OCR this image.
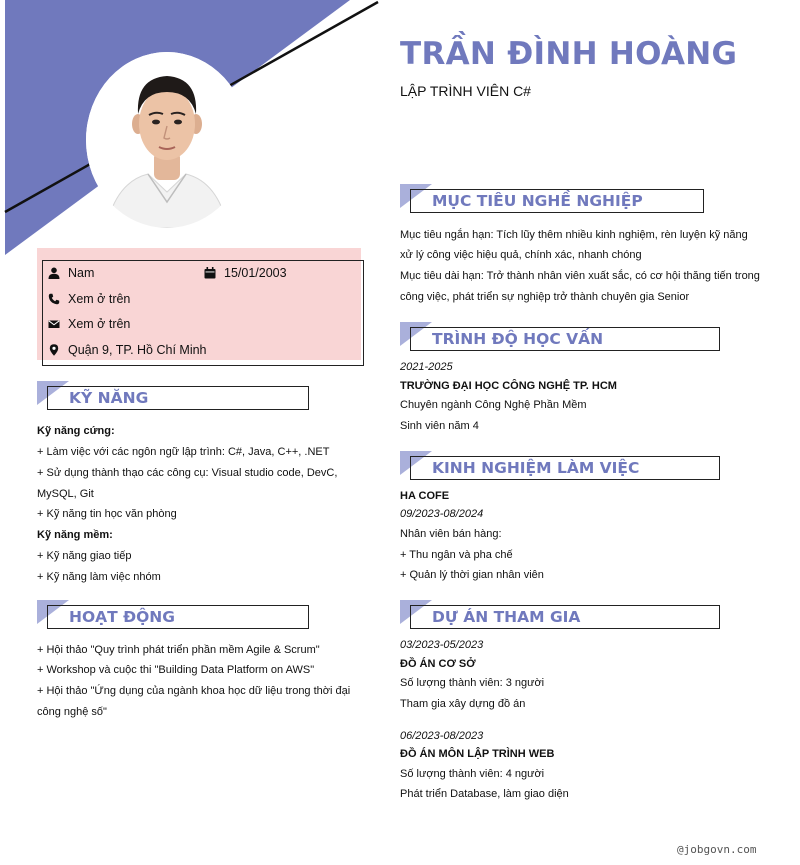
TRẦN ĐÌNH HOÀNG
LẬP TRÌNH VIÊN C#
Nam	15/01/2003
Xem ở trên
Xem ở trên
Quận 9, TP. Hồ Chí Minh
KỸ NĂNG
Kỹ năng cứng:
+ Làm việc với các ngôn ngữ lập trình: C#, Java, C++, .NET
+ Sử dụng thành thạo các công cụ: Visual studio code, DevC,
MySQL, Git
+ Kỹ năng tin học văn phòng
Kỹ năng mềm:
+ Kỹ năng giao tiếp
+ Kỹ năng làm việc nhóm
HOẠT ĐỘNG
+ Hội thảo "Quy trình phát triển phần mềm Agile & Scrum"
+ Workshop và cuộc thi "Building Data Platform on AWS"
+ Hội thảo "Ứng dụng của ngành khoa học dữ liệu trong thời đại
công nghệ số"
MỤC TIÊU NGHỀ NGHIỆP
Mục tiêu ngắn hạn: Tích lũy thêm nhiều kinh nghiệm, rèn luyện kỹ năng
xử lý công việc hiệu quả, chính xác, nhanh chóng
Mục tiêu dài hạn: Trở thành nhân viên xuất sắc, có cơ hội thăng tiến trong
công việc, phát triển sự nghiệp trở thành chuyên gia Senior
TRÌNH ĐỘ HỌC VẤN
2021-2025
TRƯỜNG ĐẠI HỌC CÔNG NGHỆ TP. HCM
Chuyên ngành Công Nghệ Phần Mềm
Sinh viên năm 4
KINH NGHIỆM LÀM VIỆC
HA COFE
09/2023-08/2024
Nhân viên bán hàng:
+ Thu ngân và pha chế
+ Quản lý thời gian nhân viên
DỰ ÁN THAM GIA
03/2023-05/2023
ĐỒ ÁN CƠ SỞ
Số lượng thành viên: 3 người
Tham gia xây dựng đồ án
06/2023-08/2023
ĐỒ ÁN MÔN LẬP TRÌNH WEB
Số lượng thành viên: 4 người
Phát triển Database, làm giao diện
@jobgovn.com
